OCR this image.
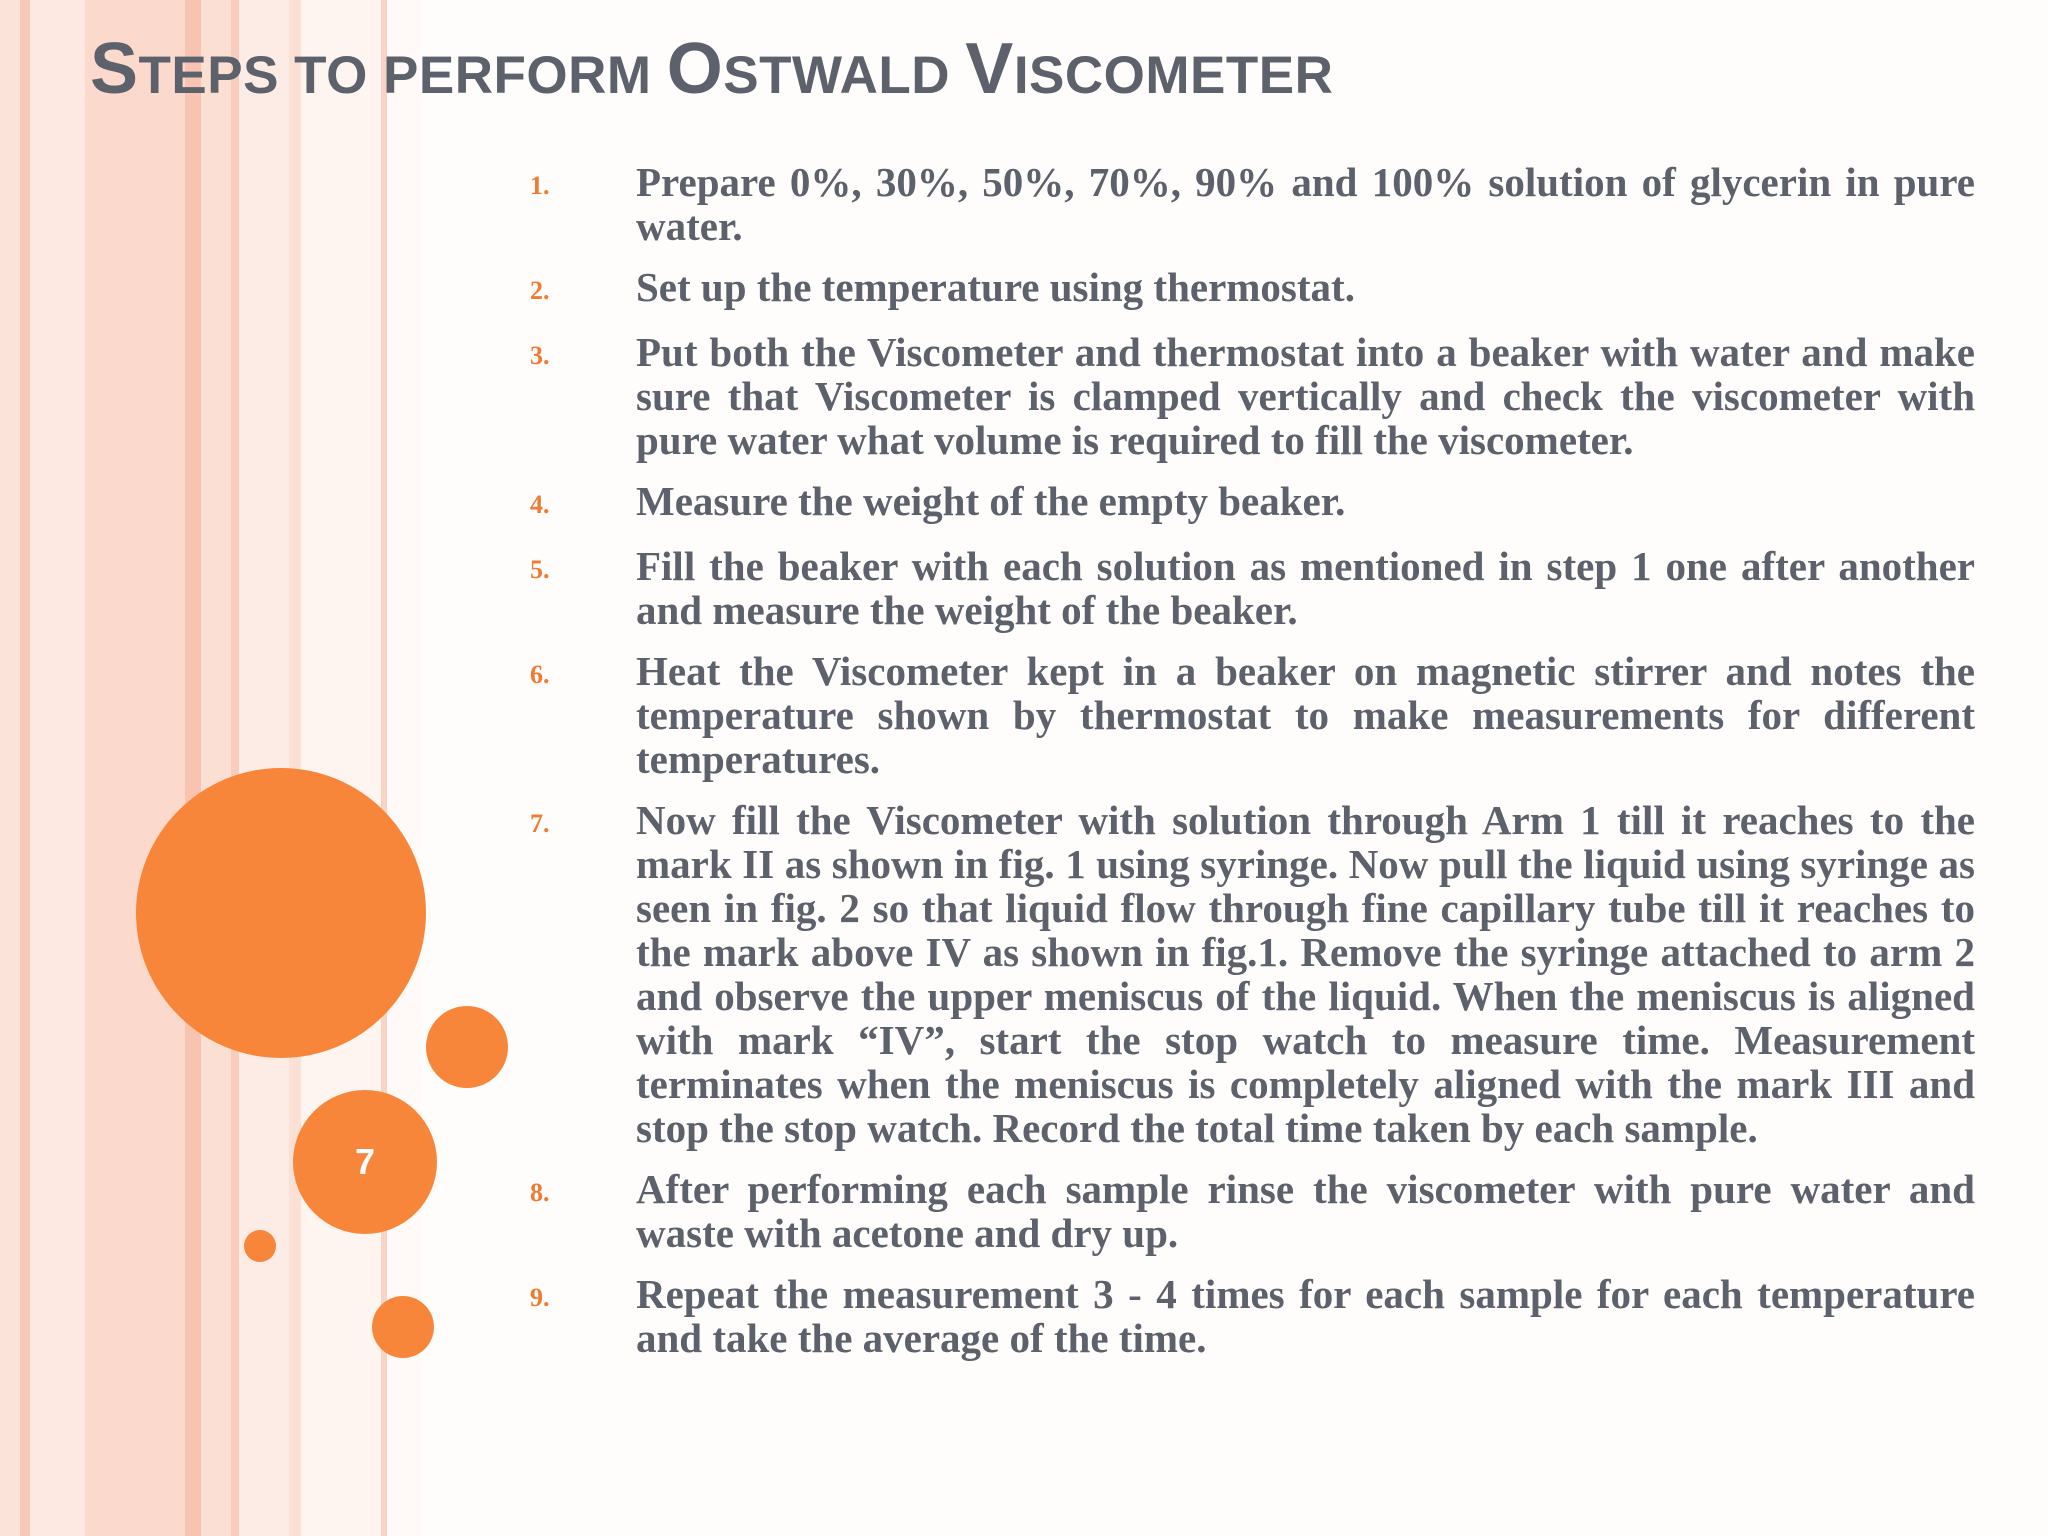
STEPS TO PERFORM OSTWALD VISCOMETER
7
1.	Prepare 0%, 30%, 50%, 70%, 90% and 100% solution of glycerin in pure water.
2.	Set up the temperature using thermostat.
3.	Put both the Viscometer and thermostat into a beaker with water and make sure that Viscometer is clamped vertically and check the viscometer with pure water what volume is required to fill the viscometer.
4.	Measure the weight of the empty beaker.
5.	Fill the beaker with each solution as mentioned in step 1 one after another and measure the weight of the beaker.
6.	Heat the Viscometer kept in a beaker on magnetic stirrer and notes the temperature shown by thermostat to make measurements for different temperatures.
7.	Now fill the Viscometer with solution through Arm 1 till it reaches to the mark II as shown in fig. 1 using syringe. Now pull the liquid using syringe as seen in fig. 2 so that liquid flow through fine capillary tube till it reaches to the mark above IV as shown in fig.1. Remove the syringe attached to arm 2 and observe the upper meniscus of the liquid. When the meniscus is aligned with mark “IV”, start the stop watch to measure time. Measurement terminates when the meniscus is completely aligned with the mark III and stop the stop watch. Record the total time taken by each sample.
8.	After performing each sample rinse the viscometer with pure water and waste with acetone and dry up.
9.	Repeat the measurement 3 - 4 times for each sample for each temperature and take the average of the time.
